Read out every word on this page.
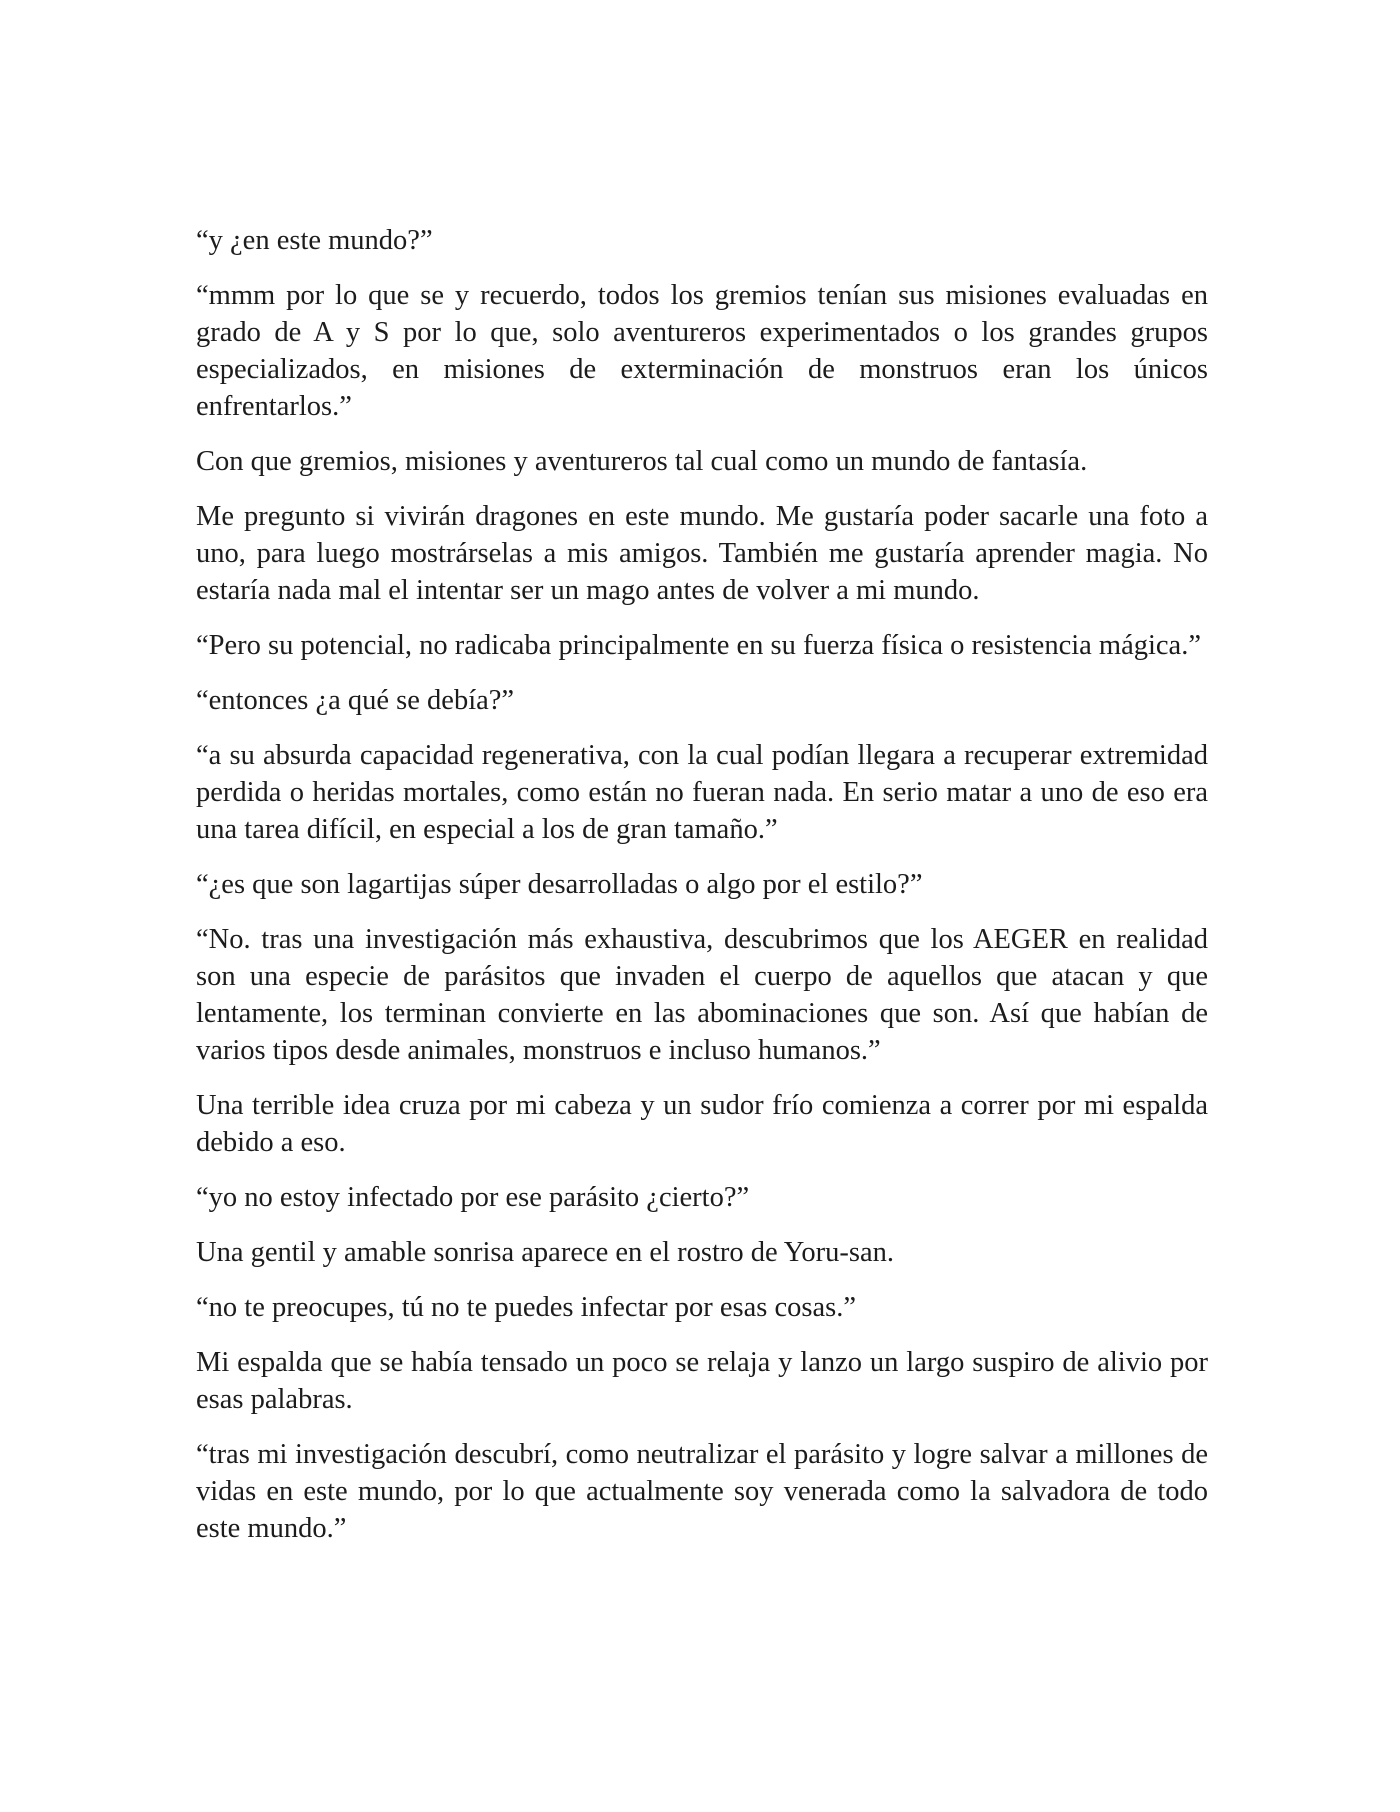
“y ¿en este mundo?”

“mmm por lo que se y recuerdo, todos los gremios tenían sus misiones evaluadas en grado de A y S por lo que, solo aventureros experimentados o los grandes grupos especializados, en misiones de exterminación de monstruos eran los únicos enfrentarlos.”

Con que gremios, misiones y aventureros tal cual como un mundo de fantasía.

Me pregunto si vivirán dragones en este mundo. Me gustaría poder sacarle una foto a uno, para luego mostrárselas a mis amigos. También me gustaría aprender magia. No estaría nada mal el intentar ser un mago antes de volver a mi mundo.

“Pero su potencial, no radicaba principalmente en su fuerza física o resistencia mágica.”

“entonces ¿a qué se debía?”

“a su absurda capacidad regenerativa, con la cual podían llegara a recuperar extremidad perdida o heridas mortales, como están no fueran nada. En serio matar a uno de eso era una tarea difícil, en especial a los de gran tamaño.”

“¿es que son lagartijas súper desarrolladas o algo por el estilo?”

“No. tras una investigación más exhaustiva, descubrimos que los AEGER en realidad son una especie de parásitos que invaden el cuerpo de aquellos que atacan y que lentamente, los terminan convierte en las abominaciones que son. Así que habían de varios tipos desde animales, monstruos e incluso humanos.”

Una terrible idea cruza por mi cabeza y un sudor frío comienza a correr por mi espalda debido a eso.

“yo no estoy infectado por ese parásito ¿cierto?”

Una gentil y amable sonrisa aparece en el rostro de Yoru-san.

“no te preocupes, tú no te puedes infectar por esas cosas.”

Mi espalda que se había tensado un poco se relaja y lanzo un largo suspiro de alivio por esas palabras.

“tras mi investigación descubrí, como neutralizar el parásito y logre salvar a millones de vidas en este mundo, por lo que actualmente soy venerada como la salvadora de todo este mundo.”
